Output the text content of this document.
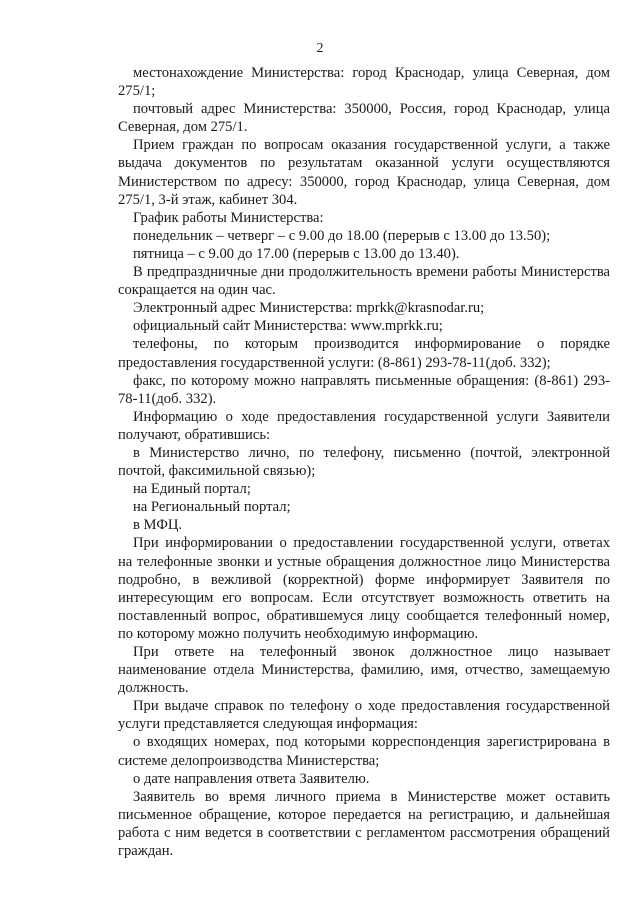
2

местонахождение Министерства: город Краснодар, улица Северная, дом 275/1;

почтовый адрес Министерства: 350000, Россия, город Краснодар, улица Северная, дом 275/1.

Прием граждан по вопросам оказания государственной услуги, а также выдача документов по результатам оказанной услуги осуществляются Министерством по адресу: 350000, город Краснодар, улица Северная, дом 275/1, 3-й этаж, кабинет 304.

График работы Министерства:

понедельник – четверг – с 9.00 до 18.00 (перерыв с 13.00 до 13.50);

пятница – с 9.00 до 17.00 (перерыв с 13.00 до 13.40).

В предпраздничные дни продолжительность времени работы Министерства сокращается на один час.

Электронный адрес Министерства: mprkk@krasnodar.ru;

официальный сайт Министерства: www.mprkk.ru;

телефоны, по которым производится информирование о порядке предоставления государственной услуги: (8-861) 293-78-11(доб. 332);

факс, по которому можно направлять письменные обращения: (8-861) 293-78-11(доб. 332).

Информацию о ходе предоставления государственной услуги Заявители получают, обратившись:

в Министерство лично, по телефону, письменно (почтой, электронной почтой, факсимильной связью);

на Единый портал;

на Региональный портал;

в МФЦ.

При информировании о предоставлении государственной услуги, ответах на телефонные звонки и устные обращения должностное лицо Министерства подробно, в вежливой (корректной) форме информирует Заявителя по интересующим его вопросам. Если отсутствует возможность ответить на поставленный вопрос, обратившемуся лицу сообщается телефонный номер, по которому можно получить необходимую информацию.

При ответе на телефонный звонок должностное лицо называет наименование отдела Министерства, фамилию, имя, отчество, замещаемую должность.

При выдаче справок по телефону о ходе предоставления государственной услуги представляется следующая информация:

о входящих номерах, под которыми корреспонденция зарегистрирована в системе делопроизводства Министерства;

о дате направления ответа Заявителю.

Заявитель во время личного приема в Министерстве может оставить письменное обращение, которое передается на регистрацию, и дальнейшая работа с ним ведется в соответствии с регламентом рассмотрения обращений граждан.
